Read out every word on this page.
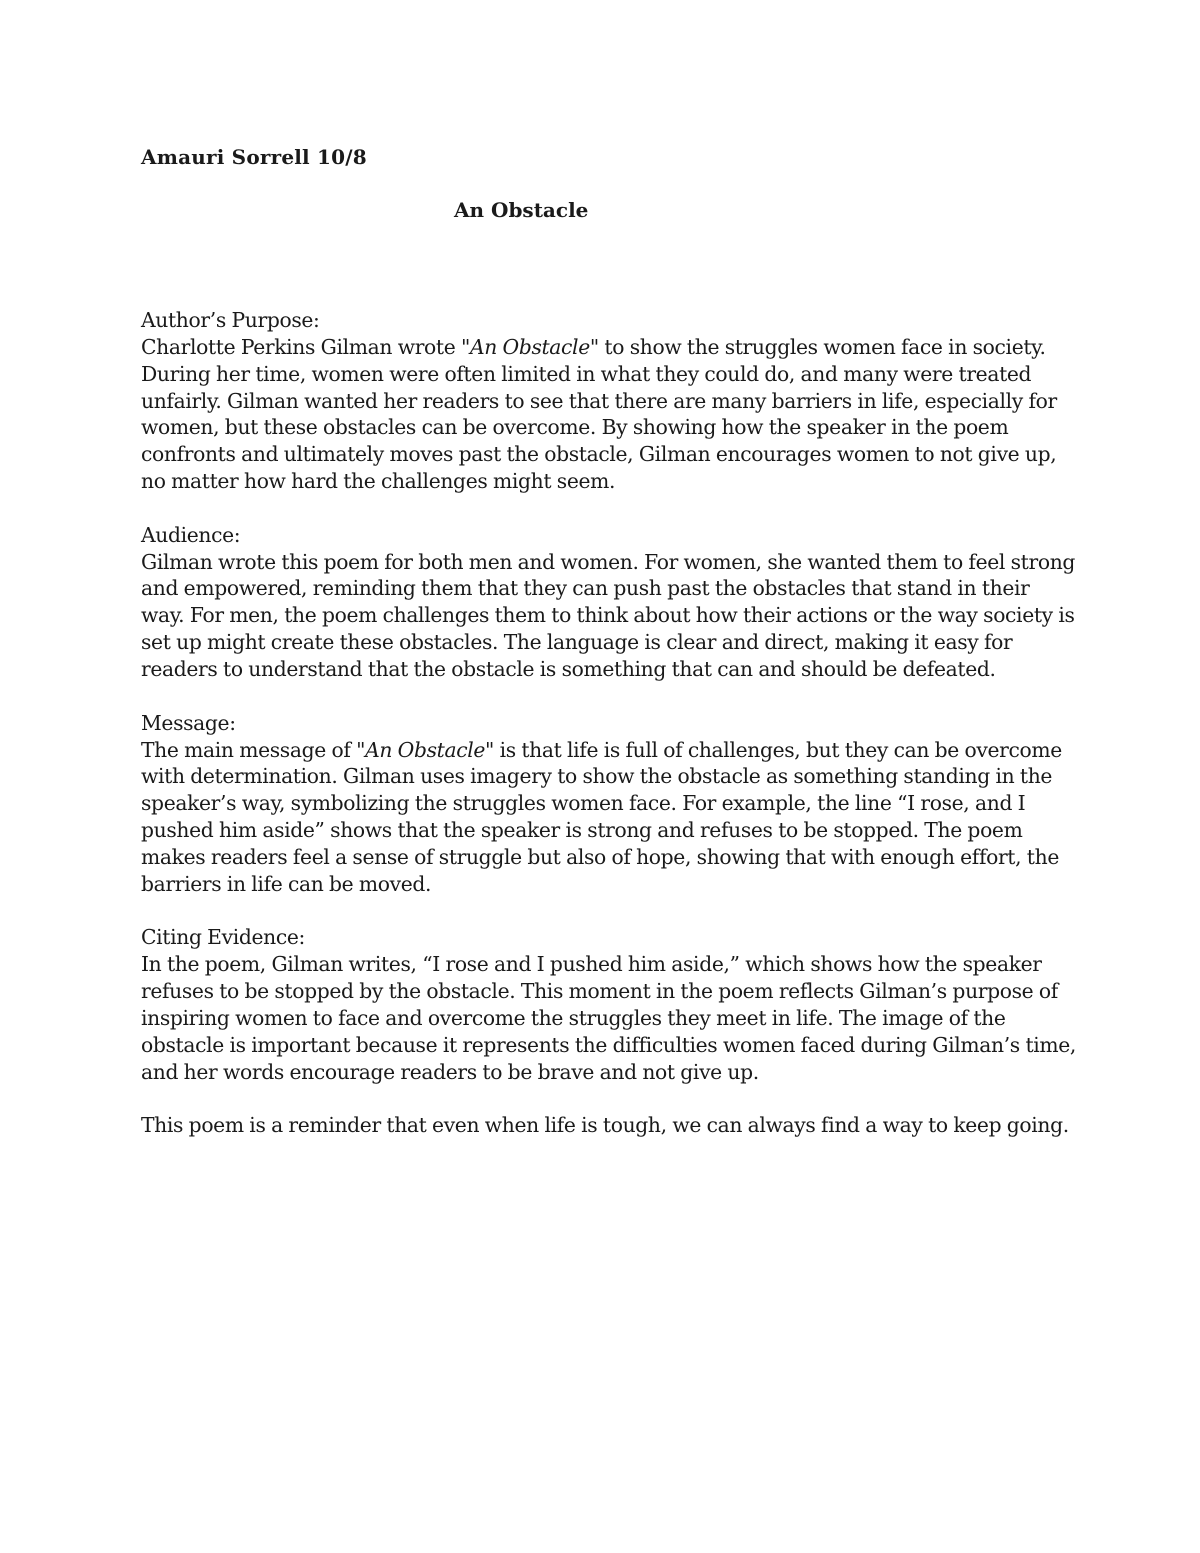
Amauri Sorrell 10/8
An Obstacle

Author’s Purpose:
Charlotte Perkins Gilman wrote "An Obstacle" to show the struggles women face in society. During her time, women were often limited in what they could do, and many were treated unfairly. Gilman wanted her readers to see that there are many barriers in life, especially for women, but these obstacles can be overcome. By showing how the speaker in the poem confronts and ultimately moves past the obstacle, Gilman encourages women to not give up, no matter how hard the challenges might seem.

Audience:
Gilman wrote this poem for both men and women. For women, she wanted them to feel strong and empowered, reminding them that they can push past the obstacles that stand in their way. For men, the poem challenges them to think about how their actions or the way society is set up might create these obstacles. The language is clear and direct, making it easy for readers to understand that the obstacle is something that can and should be defeated.

Message:
The main message of "An Obstacle" is that life is full of challenges, but they can be overcome with determination. Gilman uses imagery to show the obstacle as something standing in the speaker’s way, symbolizing the struggles women face. For example, the line “I rose, and I pushed him aside” shows that the speaker is strong and refuses to be stopped. The poem makes readers feel a sense of struggle but also of hope, showing that with enough effort, the barriers in life can be moved.

Citing Evidence:
In the poem, Gilman writes, “I rose and I pushed him aside,” which shows how the speaker refuses to be stopped by the obstacle. This moment in the poem reflects Gilman’s purpose of inspiring women to face and overcome the struggles they meet in life. The image of the obstacle is important because it represents the difficulties women faced during Gilman’s time, and her words encourage readers to be brave and not give up.

This poem is a reminder that even when life is tough, we can always find a way to keep going.
